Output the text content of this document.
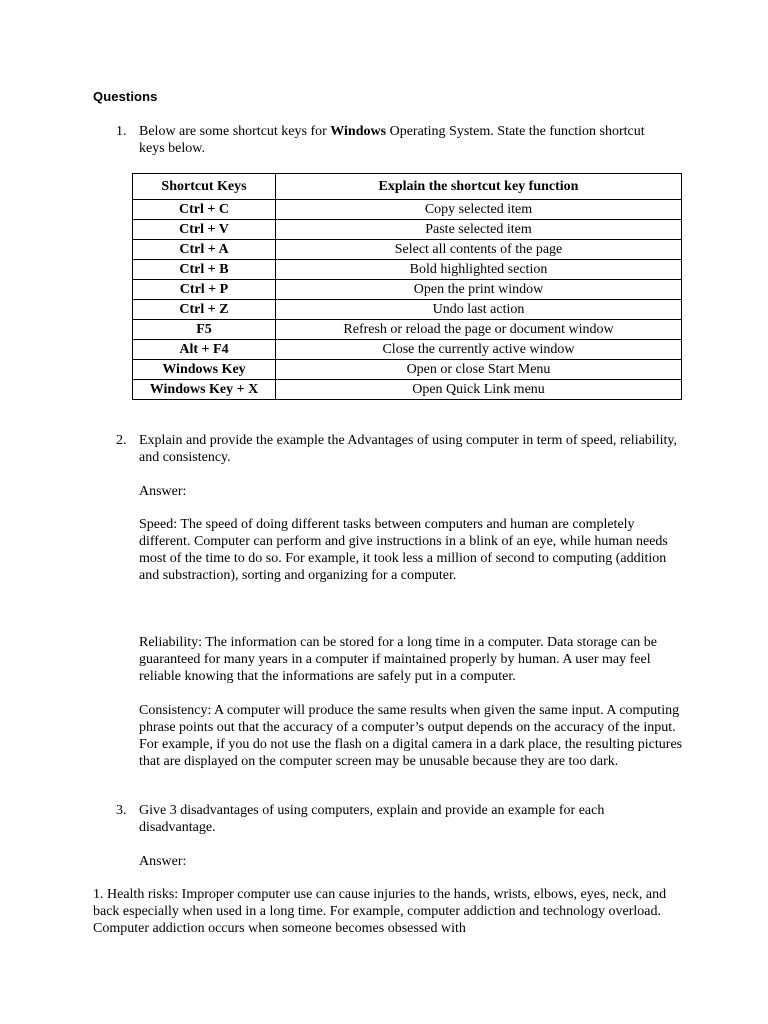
Questions
1. Below are some shortcut keys for Windows Operating System. State the function shortcut keys below.

Shortcut Keys	Explain the shortcut key function
Ctrl + C	Copy selected item
Ctrl + V	Paste selected item
Ctrl + A	Select all contents of the page
Ctrl + B	Bold highlighted section
Ctrl + P	Open the print window
Ctrl + Z	Undo last action
F5	Refresh or reload the page or document window
Alt + F4	Close the currently active window
Windows Key	Open or close Start Menu
Windows Key + X	Open Quick Link menu
2. Explain and provide the example the Advantages of using computer in term of speed, reliability, and consistency.

Answer:

Speed: The speed of doing different tasks between computers and human are completely different. Computer can perform and give instructions in a blink of an eye, while human needs most of the time to do so. For example, it took less a million of second to computing (addition and substraction), sorting and organizing for a computer.

Reliability: The information can be stored for a long time in a computer. Data storage can be guaranteed for many years in a computer if maintained properly by human. A user may feel reliable knowing that the informations are safely put in a computer.

Consistency: A computer will produce the same results when given the same input. A computing phrase points out that the accuracy of a computer’s output depends on the accuracy of the input. For example, if you do not use the flash on a digital camera in a dark place, the resulting pictures that are displayed on the computer screen may be unusable because they are too dark.

3. Give 3 disadvantages of using computers, explain and provide an example for each disadvantage.

Answer:

1. Health risks: Improper computer use can cause injuries to the hands, wrists, elbows, eyes, neck, and back especially when used in a long time. For example, computer addiction and technology overload. Computer addiction occurs when someone becomes obsessed with
